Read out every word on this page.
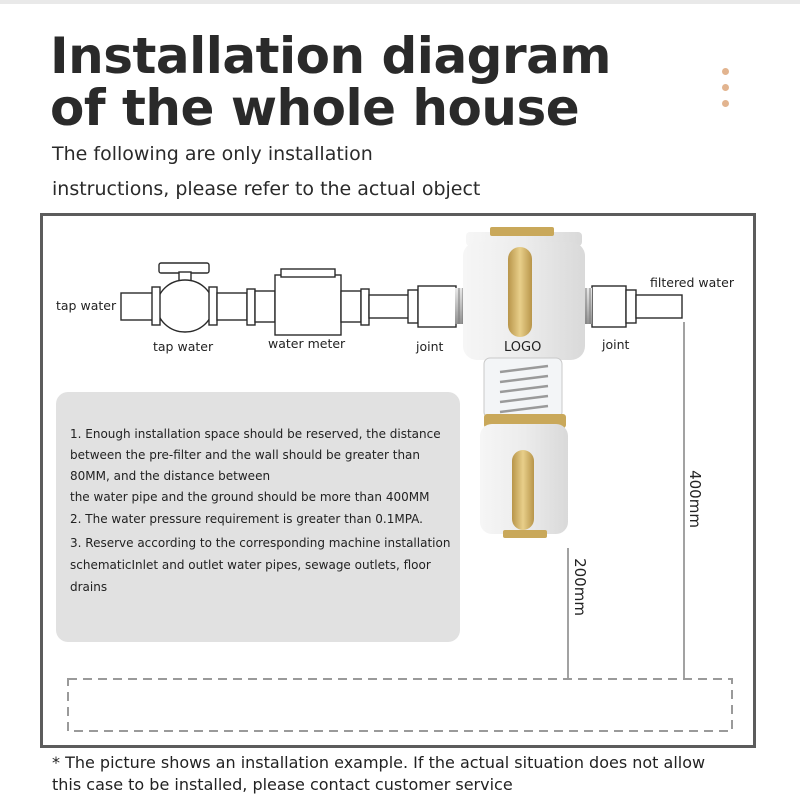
Installation diagram
of the whole house

The following are only installation
instructions, please refer to the actual object

tap water
tap water	water meter	joint	LOGO	joint
filtered water
1. Enough installation space should be reserved, the distance
between the pre-filter and the wall should be greater than
80MM, and the distance between
the water pipe and the ground should be more than 400MM
2. The water pressure requirement is greater than 0.1MPA.
3. Reserve according to the corresponding machine installation
schematicInlet and outlet water pipes, sewage outlets, floor
drains
400mm
200mm

* The picture shows an installation example. If the actual situation does not allow
this case to be installed, please contact customer service
